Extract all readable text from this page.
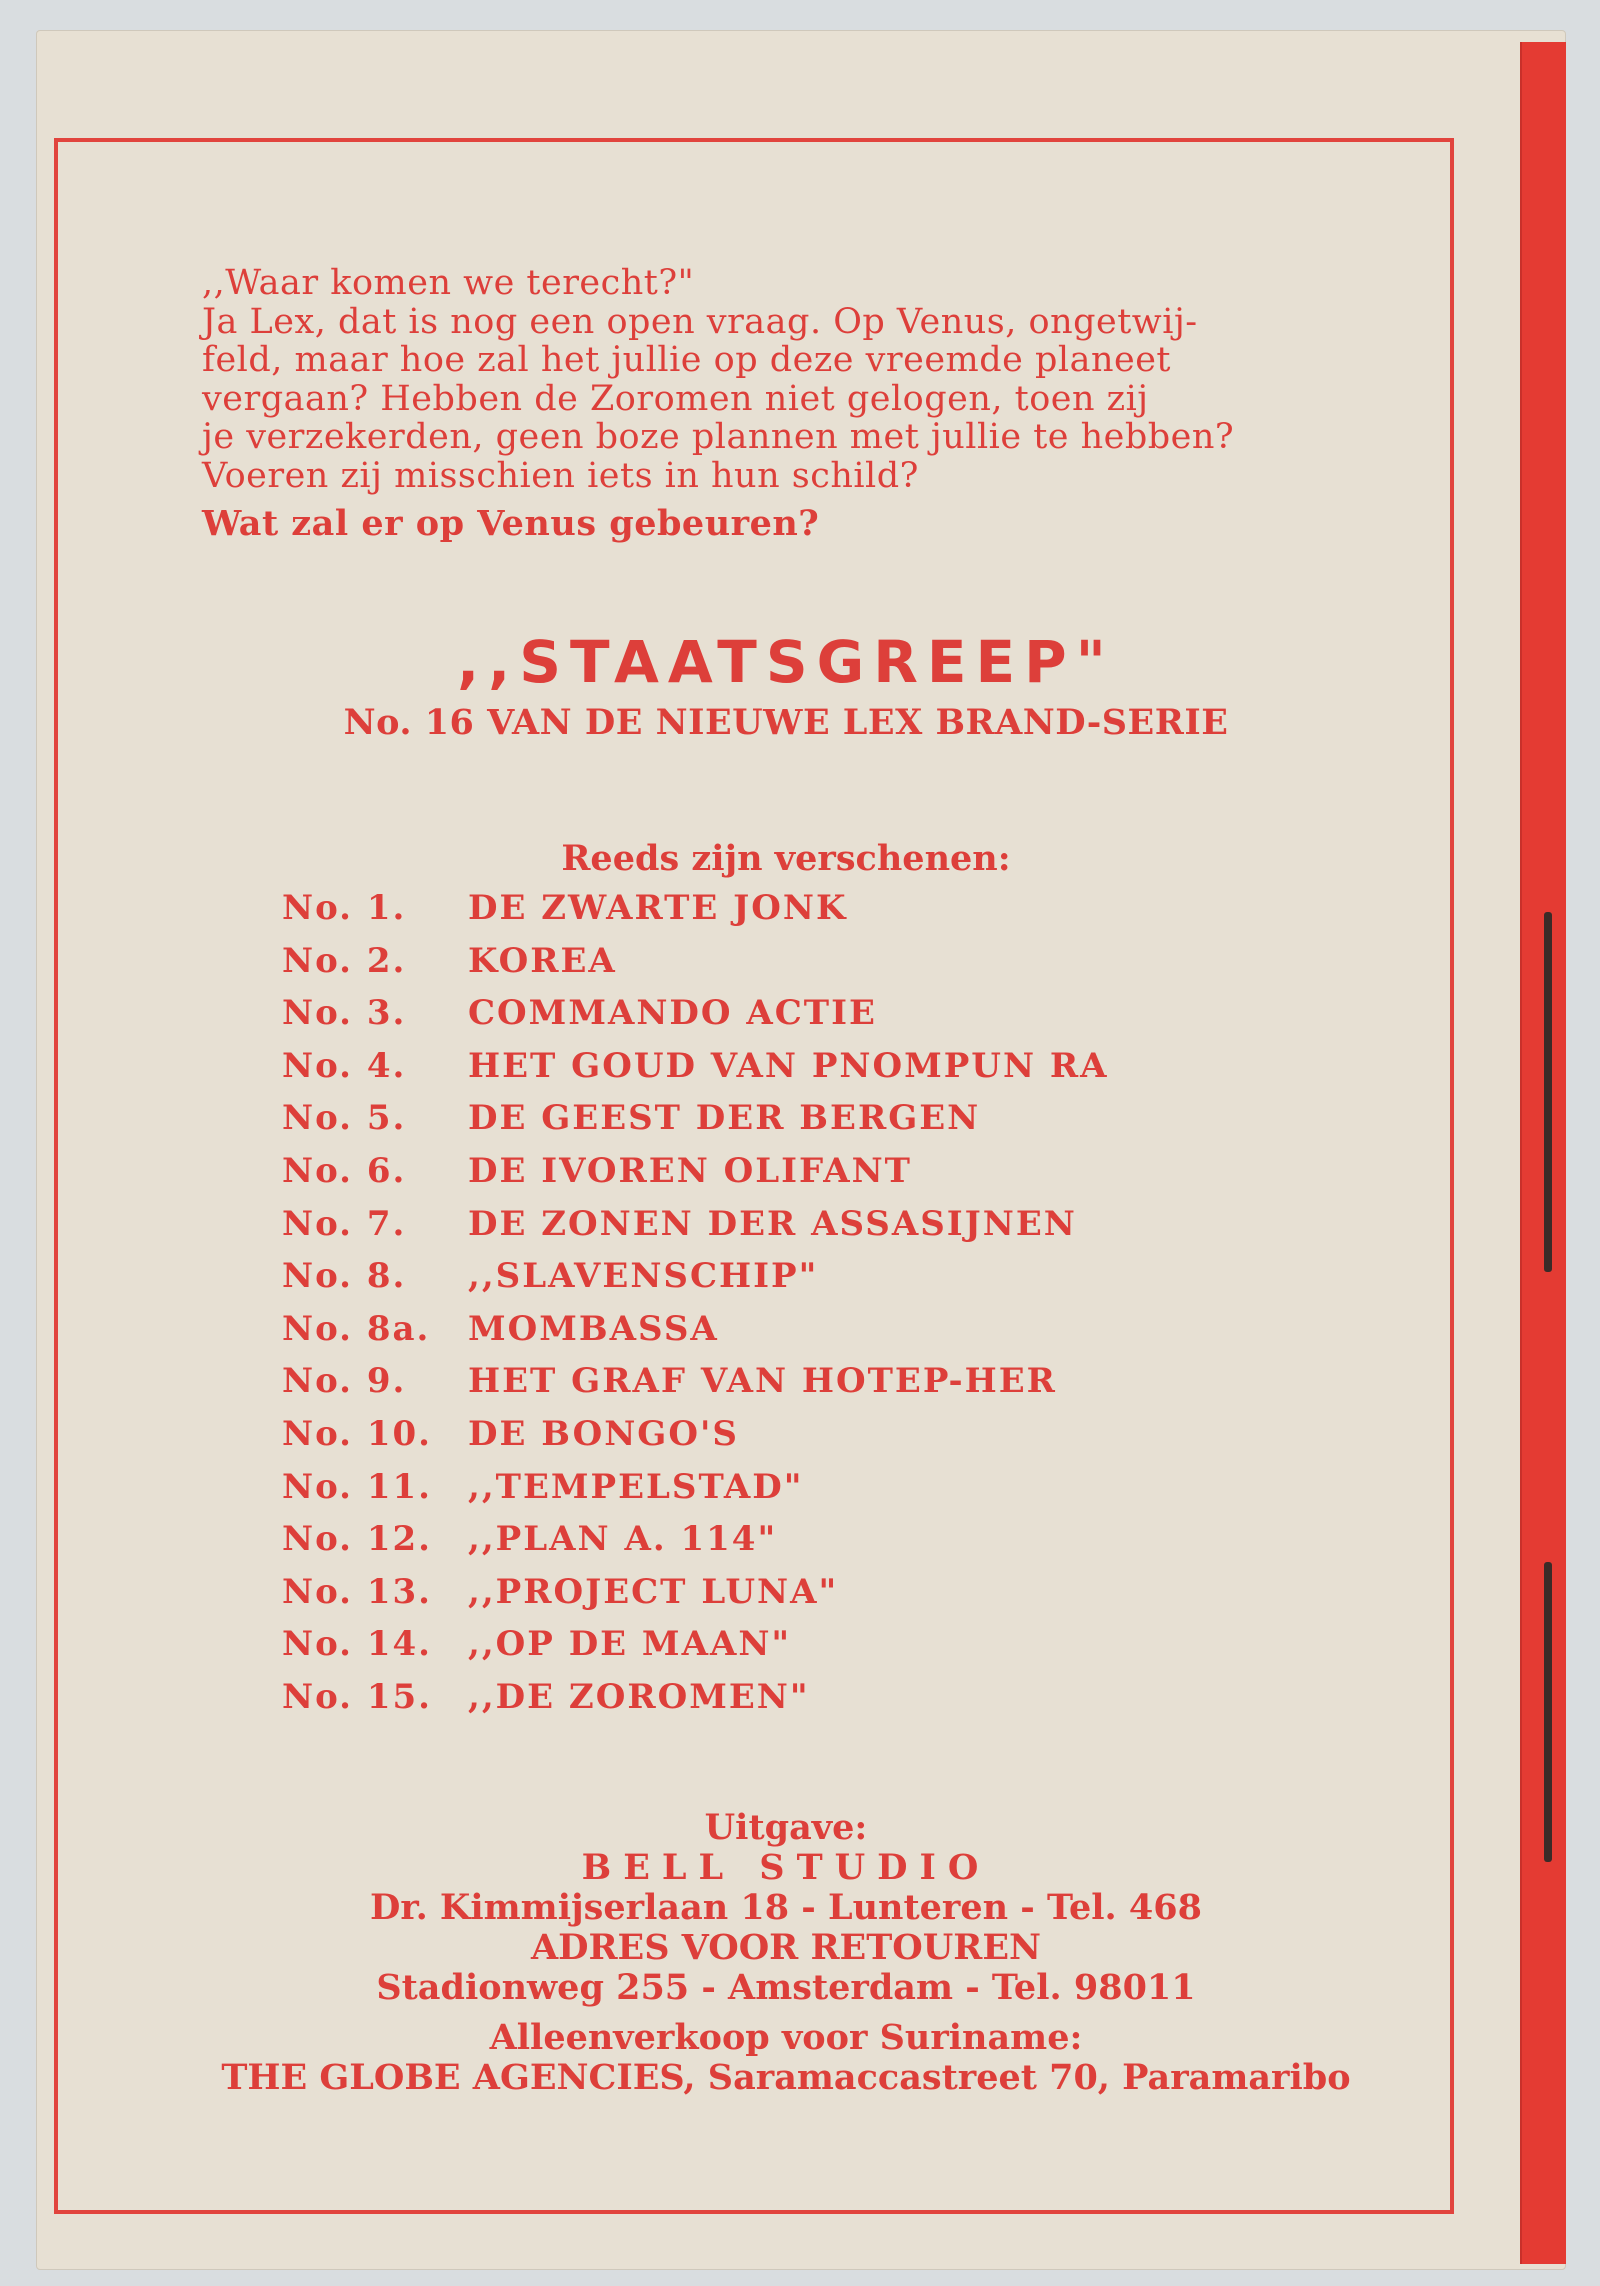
,,Waar komen we terecht?"

Ja Lex, dat is nog een open vraag. Op Venus, ongetwij-

feld, maar hoe zal het jullie op deze vreemde planeet

vergaan? Hebben de Zoromen niet gelogen, toen zij

je verzekerden, geen boze plannen met jullie te hebben?

Voeren zij misschien iets in hun schild?

Wat zal er op Venus gebeuren?

,,STAATSGREEP"
No. 16 VAN DE NIEUWE LEX BRAND-SERIE
Reeds zijn verschenen:
No. 1.	DE ZWARTE JONK
No. 2.	KOREA
No. 3.	COMMANDO ACTIE
No. 4.	HET GOUD VAN PNOMPUN RA
No. 5.	DE GEEST DER BERGEN
No. 6.	DE IVOREN OLIFANT
No. 7.	DE ZONEN DER ASSASIJNEN
No. 8.	,,SLAVENSCHIP"
No. 8a.	MOMBASSA
No. 9.	HET GRAF VAN HOTEP-HER
No. 10.	DE BONGO'S
No. 11.	,,TEMPELSTAD"
No. 12.	,,PLAN A. 114"
No. 13.	,,PROJECT LUNA"
No. 14.	,,OP DE MAAN"
No. 15.	,,DE ZOROMEN"
Uitgave:
BELL STUDIO
Dr. Kimmijserlaan 18 - Lunteren - Tel. 468
ADRES VOOR RETOUREN
Stadionweg 255 - Amsterdam - Tel. 98011
Alleenverkoop voor Suriname:
THE GLOBE AGENCIES, Saramaccastreet 70, Paramaribo
